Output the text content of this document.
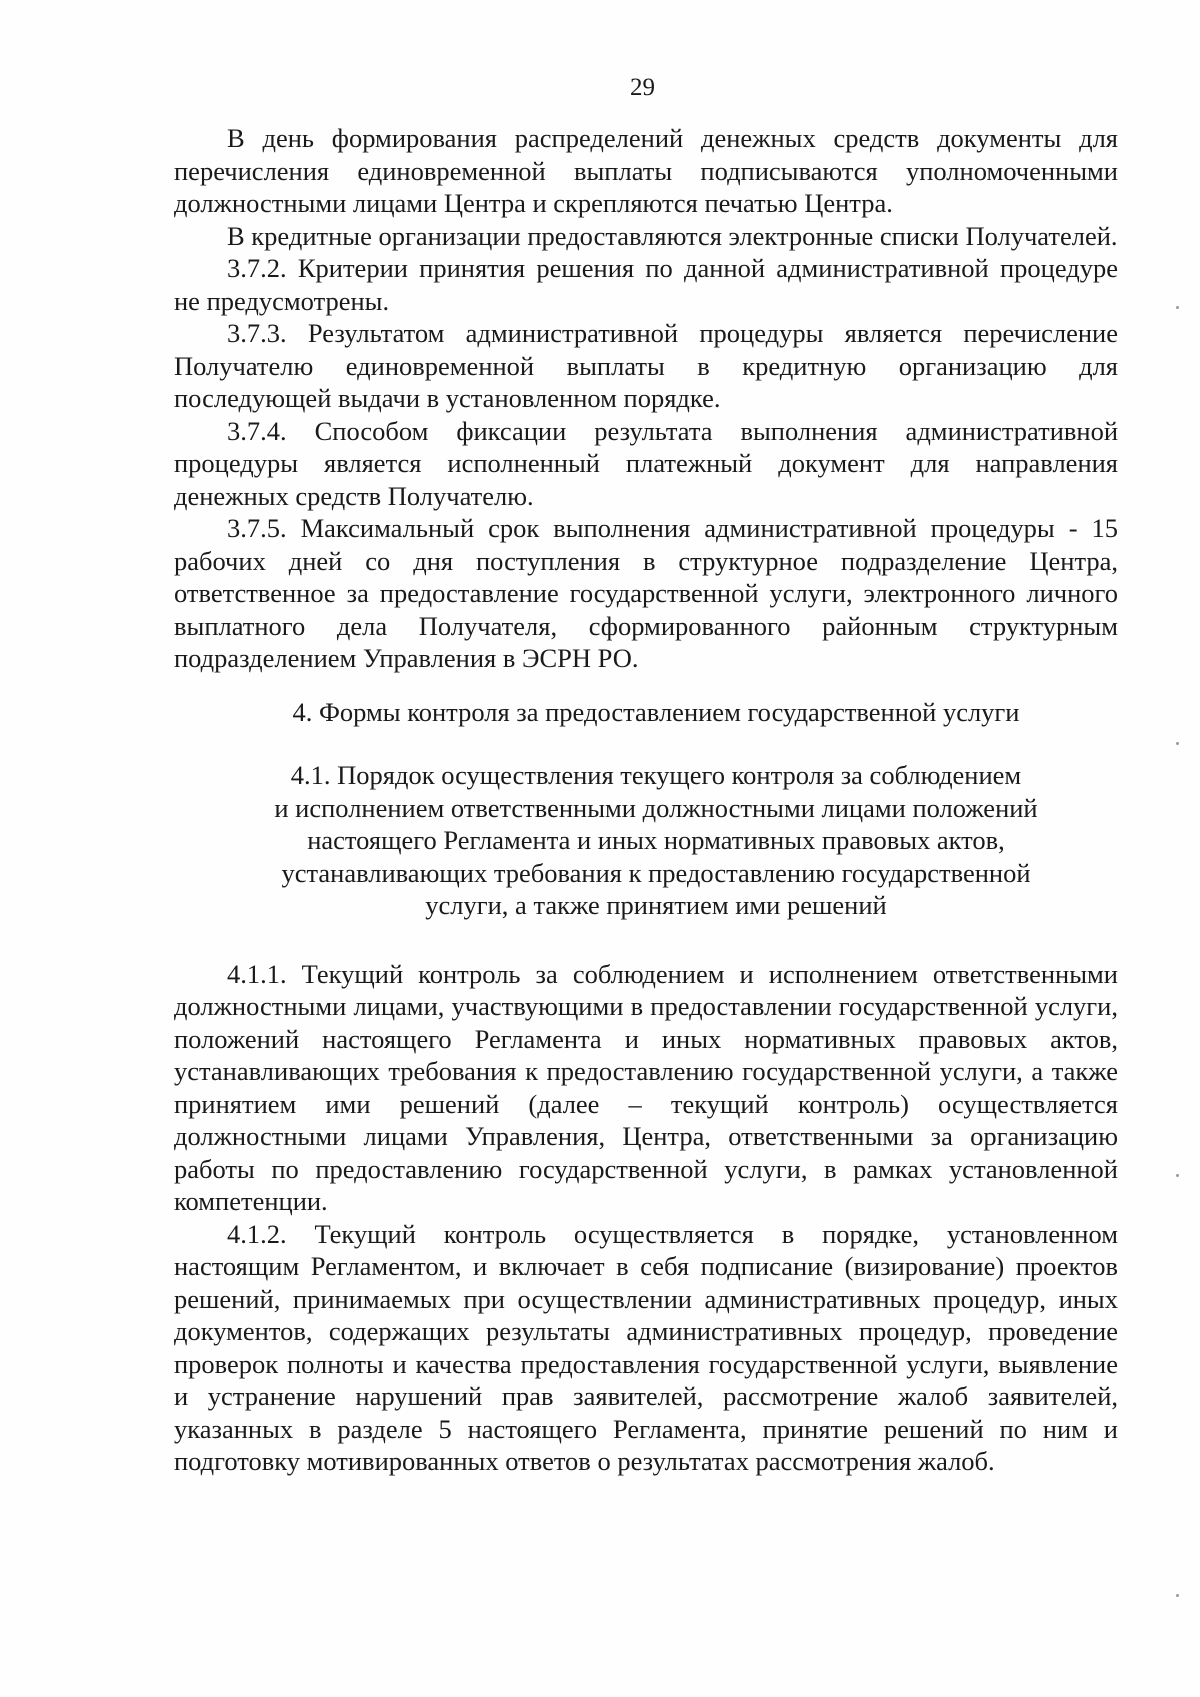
29

В день формирования распределений денежных средств документы для перечисления единовременной выплаты подписываются уполномоченными должностными лицами Центра и скрепляются печатью Центра.

В кредитные организации предоставляются электронные списки Получателей.

3.7.2. Критерии принятия решения по данной административной процедуре не предусмотрены.

3.7.3. Результатом административной процедуры является перечисление Получателю единовременной выплаты в кредитную организацию для последующей выдачи в установленном порядке.

3.7.4. Способом фиксации результата выполнения административной процедуры является исполненный платежный документ для направления денежных средств Получателю.

3.7.5. Максимальный срок выполнения административной процедуры - 15 рабочих дней со дня поступления в структурное подразделение Центра, ответственное за предоставление государственной услуги, электронного личного выплатного дела Получателя, сформированного районным структурным подразделением Управления в ЭСРН РО.

4. Формы контроля за предоставлением государственной услуги
4.1. Порядок осуществления текущего контроля за соблюдением
и исполнением ответственными должностными лицами положений
настоящего Регламента и иных нормативных правовых актов,
устанавливающих требования к предоставлению государственной
услуги, а также принятием ими решений

4.1.1. Текущий контроль за соблюдением и исполнением ответственными должностными лицами, участвующими в предоставлении государственной услуги, положений настоящего Регламента и иных нормативных правовых актов, устанавливающих требования к предоставлению государственной услуги, а также принятием ими решений (далее – текущий контроль) осуществляется должностными лицами Управления, Центра, ответственными за организацию работы по предоставлению государственной услуги, в рамках установленной компетенции.

4.1.2. Текущий контроль осуществляется в порядке, установленном настоящим Регламентом, и включает в себя подписание (визирование) проектов решений, принимаемых при осуществлении административных процедур, иных документов, содержащих результаты административных процедур, проведение проверок полноты и качества предоставления государственной услуги, выявление и устранение нарушений прав заявителей, рассмотрение жалоб заявителей, указанных в разделе 5 настоящего Регламента, принятие решений по ним и подготовку мотивированных ответов о результатах рассмотрения жалоб.
